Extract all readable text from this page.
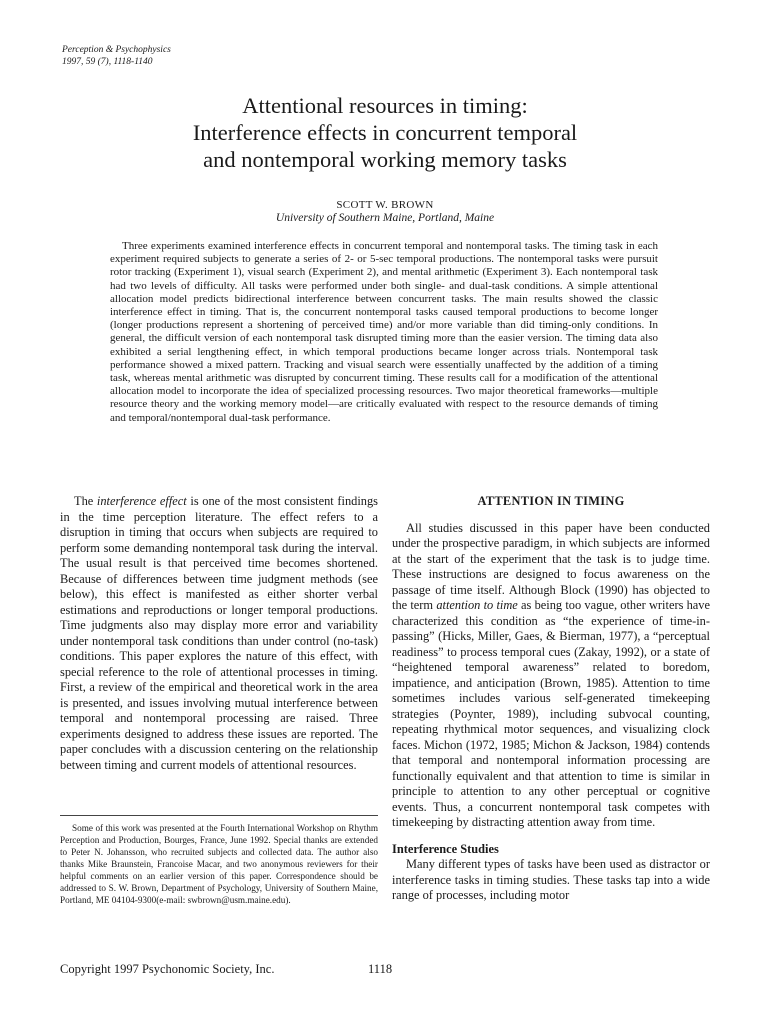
Perception & Psychophysics
1997, 59 (7), 1118-1140
Attentional resources in timing:
Interference effects in concurrent temporal
and nontemporal working memory tasks
SCOTT W. BROWN
University of Southern Maine, Portland, Maine

Three experiments examined interference effects in concurrent temporal and nontemporal tasks. The timing task in each experiment required subjects to generate a series of 2- or 5-sec temporal productions. The nontemporal tasks were pursuit rotor tracking (Experiment 1), visual search (Experiment 2), and mental arithmetic (Experiment 3). Each nontemporal task had two levels of difficulty. All tasks were performed under both single- and dual-task conditions. A simple attentional allocation model predicts bidirectional interference between concurrent tasks. The main results showed the classic interference effect in timing. That is, the concurrent nontemporal tasks caused temporal productions to become longer (longer productions represent a shortening of perceived time) and/or more variable than did timing-only conditions. In general, the difficult version of each nontemporal task disrupted timing more than the easier version. The timing data also exhibited a serial lengthening effect, in which temporal productions became longer across trials. Nontemporal task performance showed a mixed pattern. Tracking and visual search were essentially unaffected by the addition of a timing task, whereas mental arithmetic was disrupted by concurrent timing. These results call for a modification of the attentional allocation model to incorporate the idea of specialized processing resources. Two major theoretical frameworks—multiple resource theory and the working memory model—are critically evaluated with respect to the resource demands of timing and temporal/nontemporal dual-task performance.

The interference effect is one of the most consistent findings in the time perception literature. The effect refers to a disruption in timing that occurs when subjects are required to perform some demanding nontemporal task during the interval. The usual result is that perceived time becomes shortened. Because of differences between time judgment methods (see below), this effect is manifested as either shorter verbal estimations and reproductions or longer temporal productions. Time judgments also may display more error and variability under nontemporal task conditions than under control (no-task) conditions. This paper explores the nature of this effect, with special reference to the role of attentional processes in timing. First, a review of the empirical and theoretical work in the area is presented, and issues involving mutual interference between temporal and nontemporal processing are raised. Three experiments designed to address these issues are reported. The paper concludes with a discussion centering on the relationship between timing and current models of attentional resources.

Some of this work was presented at the Fourth International Workshop on Rhythm Perception and Production, Bourges, France, June 1992. Special thanks are extended to Peter N. Johansson, who recruited subjects and collected data. The author also thanks Mike Braunstein, Francoise Macar, and two anonymous reviewers for their helpful comments on an earlier version of this paper. Correspondence should be addressed to S. W. Brown, Department of Psychology, University of Southern Maine, Portland, ME 04104-9300(e-mail: swbrown@usm.maine.edu).

ATTENTION IN TIMING

All studies discussed in this paper have been conducted under the prospective paradigm, in which subjects are informed at the start of the experiment that the task is to judge time. These instructions are designed to focus awareness on the passage of time itself. Although Block (1990) has objected to the term attention to time as being too vague, other writers have characterized this condition as “the experience of time-in-passing” (Hicks, Miller, Gaes, & Bierman, 1977), a “perceptual readiness” to process temporal cues (Zakay, 1992), or a state of “heightened temporal awareness” related to boredom, impatience, and anticipation (Brown, 1985). Attention to time sometimes includes various self-generated timekeeping strategies (Poynter, 1989), including subvocal counting, repeating rhythmical motor sequences, and visualizing clock faces. Michon (1972, 1985; Michon & Jackson, 1984) contends that temporal and nontemporal information processing are functionally equivalent and that attention to time is similar in principle to attention to any other perceptual or cognitive events. Thus, a concurrent nontemporal task competes with timekeeping by distracting attention away from time.

Interference Studies

Many different types of tasks have been used as distractor or interference tasks in timing studies. These tasks tap into a wide range of processes, including motor

Copyright 1997 Psychonomic Society, Inc.	1118
